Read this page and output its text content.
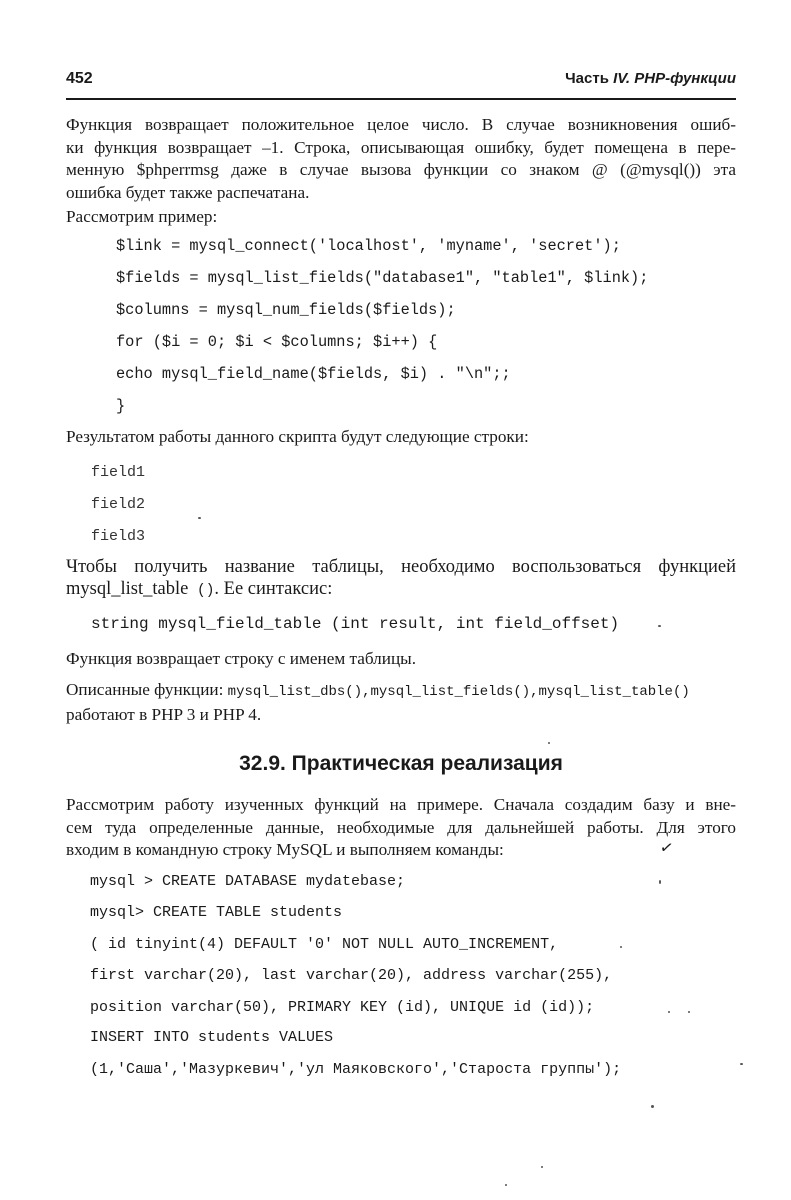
452	Часть IV. PHP-функции
Функция возвращает положительное целое число. В случае возникновения ошиб-
ки функция возвращает –1. Строка, описывающая ошибку, будет помещена в пере-
менную $phperrmsg даже в случае вызова функции со знаком @ (@mysql()) эта
ошибка будет также распечатана.
Рассмотрим пример:

$link = mysql_connect('localhost', 'myname', 'secret');

$fields = mysql_list_fields("database1", "table1", $link);

$columns = mysql_num_fields($fields);

for ($i = 0; $i < $columns; $i++) {

echo mysql_field_name($fields, $i) . "\n";;

}

Результатом работы данного скрипта будут следующие строки:
field1
field2
field3
Чтобы получить название таблицы, необходимо воспользоваться функцией
mysql_list_table (). Ее синтаксис:
string mysql_field_table (int result, int field_offset)
Функция возвращает строку с именем таблицы.
Описанные функции: mysql_list_dbs(),mysql_list_fields(),mysql_list_table()
работают в PHP 3 и PHP 4.
32.9. Практическая реализация
Рассмотрим работу изученных функций на примере. Сначала создадим базу и вне-
сем туда определенные данные, необходимые для дальнейшей работы. Для этого
входим в командную строку MySQL и выполняем команды:

mysql > CREATE DATABASE mydatebase;

mysql> CREATE TABLE students

( id tinyint(4) DEFAULT '0' NOT NULL AUTO_INCREMENT,

first varchar(20), last varchar(20), address varchar(255),

position varchar(50), PRIMARY KEY (id), UNIQUE id (id));

INSERT INTO students VALUES

(1,'Саша','Мазуркевич','ул Маяковского','Староста группы');

✓
